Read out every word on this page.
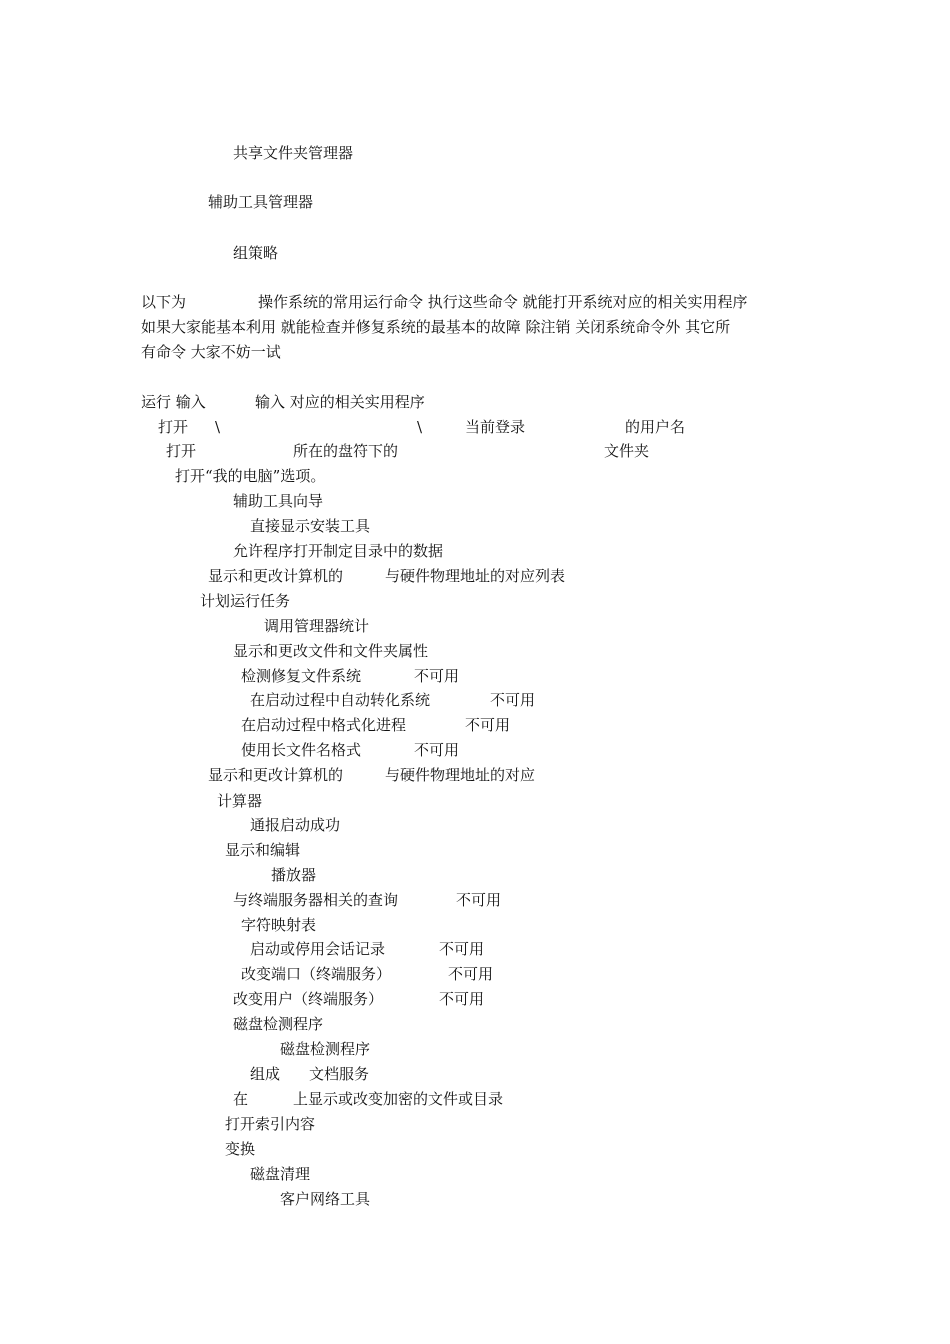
共享文件夹管理器
辅助工具管理器
组策略
以下为	操作系统的常用运行命令 执行这些命令 就能打开系统对应的相关实用程序
如果大家能基本利用 就能检查并修复系统的最基本的故障 除注销 关闭系统命令外 其它所
有命令 大家不妨一试
运行 输入	输入 对应的相关实用程序
打开 \	\	当前登录	的用户名
打开	所在的盘符下的	文件夹
打开“我的电脑”选项。
辅助工具向导
直接显示安装工具
允许程序打开制定目录中的数据
显示和更改计算机的	与硬件物理地址的对应列表
计划运行任务
调用管理器统计
显示和更改文件和文件夹属性
检测修复文件系统	不可用
在启动过程中自动转化系统	不可用
在启动过程中格式化进程	不可用
使用长文件名格式	不可用
显示和更改计算机的	与硬件物理地址的对应
计算器
通报启动成功
显示和编辑
播放器
与终端服务器相关的查询	不可用
字符映射表
启动或停用会话记录	不可用
改变端口（终端服务）	不可用
改变用户（终端服务）	不可用
磁盘检测程序
磁盘检测程序
组成 文档服务
在	上显示或改变加密的文件或目录
打开索引内容
变换
磁盘清理
客户网络工具
